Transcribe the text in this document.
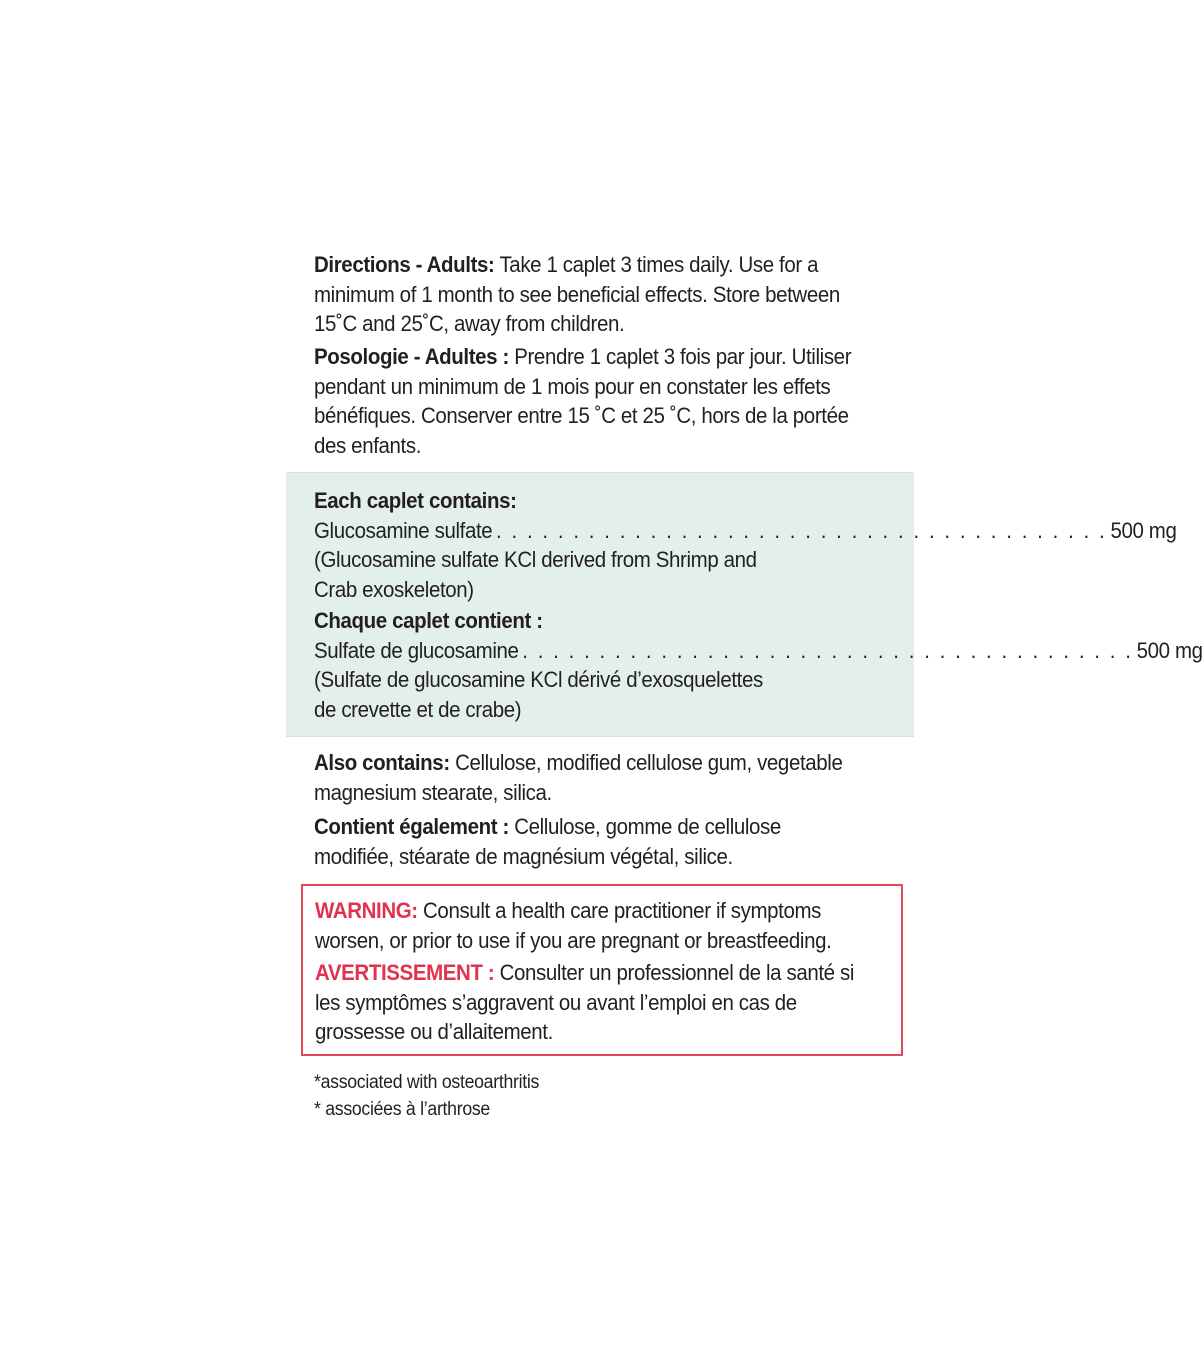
Directions - Adults: Take 1 caplet 3 times daily. Use for a minimum of 1 month to see beneficial effects. Store between 15˚C and 25˚C, away from children.

Posologie - Adultes : Prendre 1 caplet 3 fois par jour. Utiliser pendant un minimum de 1 mois pour en constater les effets bénéfiques. Conserver entre 15 ˚C et 25 ˚C, hors de la portée des enfants.

Each caplet contains:
Glucosamine sulfate . . . . . . . . . . . . . . . . . . . . . . . . . . . . . . . . . . . . . . . . 500 mg
(Glucosamine sulfate KCl derived from Shrimp and
Crab exoskeleton)
Chaque caplet contient :
Sulfate de glucosamine . . . . . . . . . . . . . . . . . . . . . . . . . . . . . . . . . . . . . . . . 500 mg
(Sulfate de glucosamine KCl dérivé d’exosquelettes
de crevette et de crabe)

Also contains: Cellulose, modified cellulose gum, vegetable magnesium stearate, silica.

Contient également : Cellulose, gomme de cellulose modifiée, stéarate de magnésium végétal, silice.

WARNING: Consult a health care practitioner if symptoms worsen, or prior to use if you are pregnant or breastfeeding.
AVERTISSEMENT : Consulter un professionnel de la santé si les symptômes s’aggravent ou avant l’emploi en cas de grossesse ou d’allaitement.
*associated with osteoarthritis
* associées à l’arthrose
